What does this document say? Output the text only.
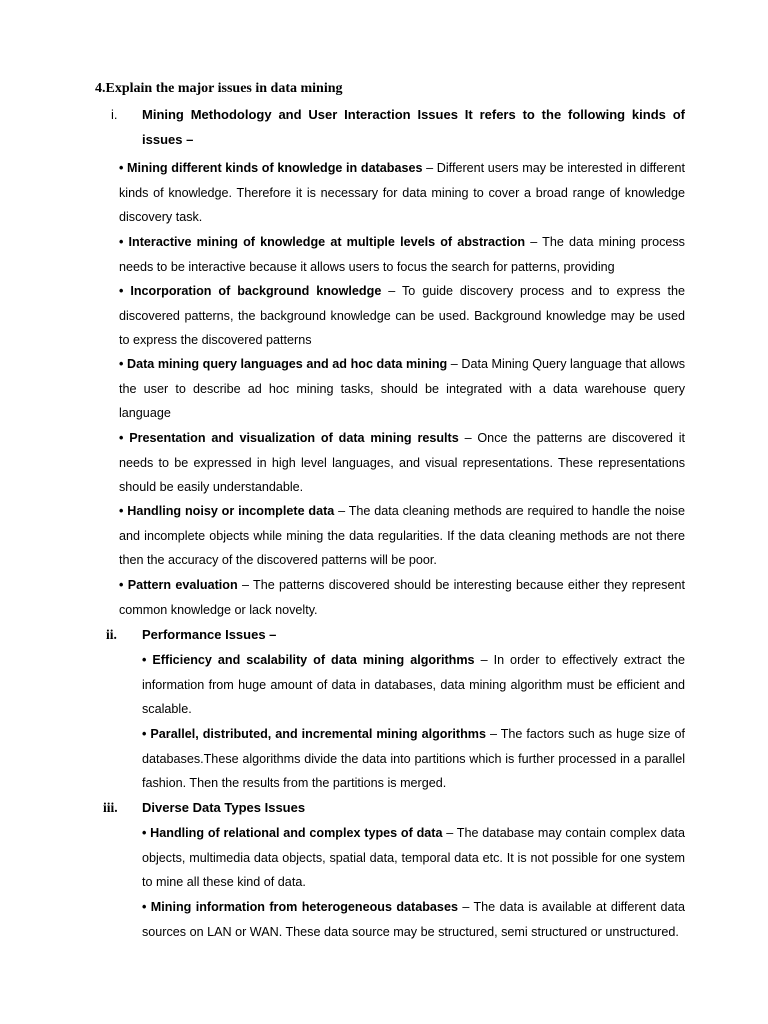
4.Explain the major issues in data mining
i. Mining Methodology and User Interaction Issues It refers to the following kinds of issues –
• Mining different kinds of knowledge in databases – Different users may be interested in different kinds of knowledge. Therefore it is necessary for data mining to cover a broad range of knowledge discovery task.
• Interactive mining of knowledge at multiple levels of abstraction – The data mining process needs to be interactive because it allows users to focus the search for patterns, providing
• Incorporation of background knowledge – To guide discovery process and to express the discovered patterns, the background knowledge can be used. Background knowledge may be used to express the discovered patterns
• Data mining query languages and ad hoc data mining – Data Mining Query language that allows the user to describe ad hoc mining tasks, should be integrated with a data warehouse query language
• Presentation and visualization of data mining results – Once the patterns are discovered it needs to be expressed in high level languages, and visual representations. These representations should be easily understandable.
• Handling noisy or incomplete data – The data cleaning methods are required to handle the noise and incomplete objects while mining the data regularities. If the data cleaning methods are not there then the accuracy of the discovered patterns will be poor.
• Pattern evaluation – The patterns discovered should be interesting because either they represent common knowledge or lack novelty.
ii. Performance Issues –
• Efficiency and scalability of data mining algorithms – In order to effectively extract the information from huge amount of data in databases, data mining algorithm must be efficient and scalable.
• Parallel, distributed, and incremental mining algorithms – The factors such as huge size of databases.These algorithms divide the data into partitions which is further processed in a parallel fashion. Then the results from the partitions is merged.
iii. Diverse Data Types Issues
• Handling of relational and complex types of data – The database may contain complex data objects, multimedia data objects, spatial data, temporal data etc. It is not possible for one system to mine all these kind of data.
• Mining information from heterogeneous databases – The data is available at different data sources on LAN or WAN. These data source may be structured, semi structured or unstructured.
